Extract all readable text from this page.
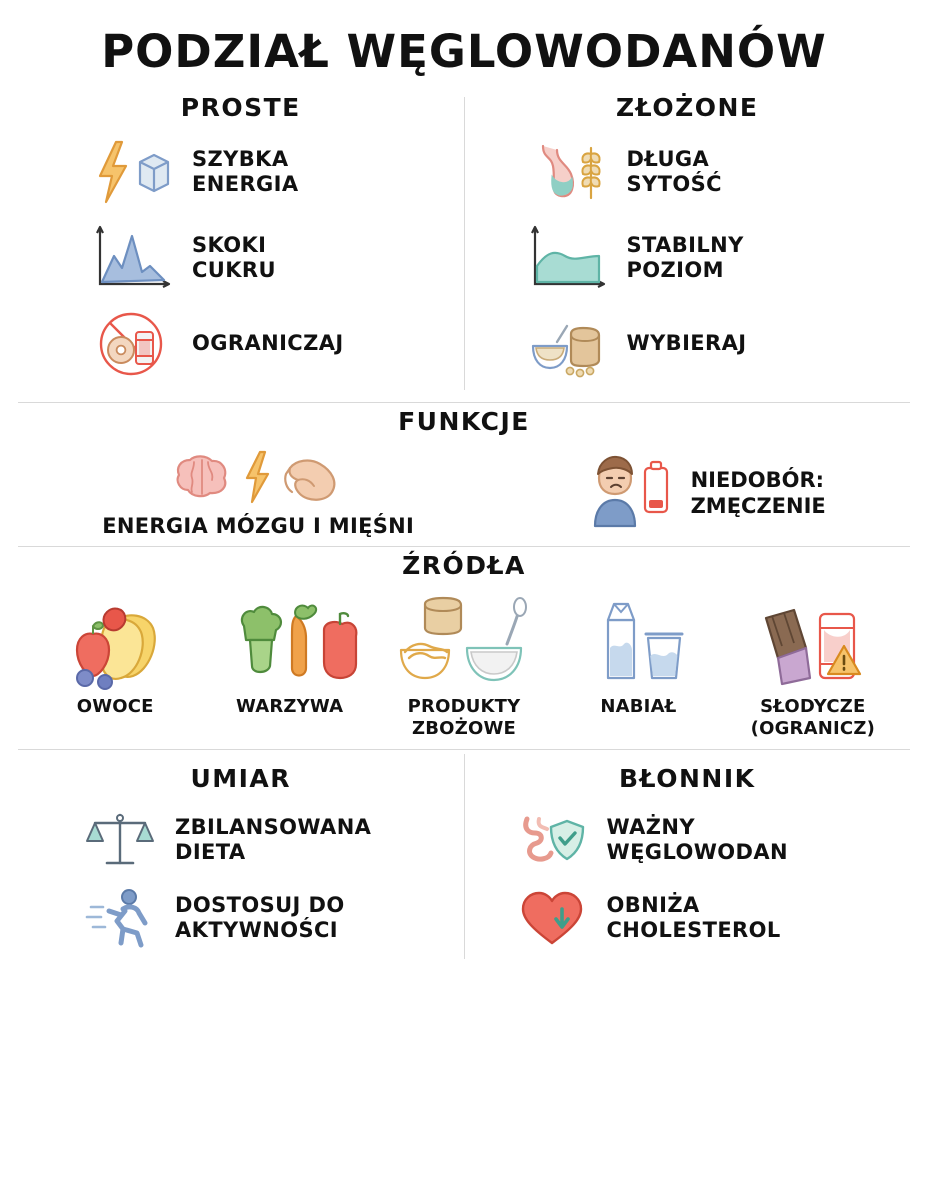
PODZIAŁ WĘGLOWODANÓW
PROSTE
SZYBKA
ENERGIA
SKOKI
CUKRU
OGRANICZAJ
ZŁOŻONE
DŁUGA
SYTOŚĆ
STABILNY
POZIOM
WYBIERAJ
FUNKCJE
ENERGIA MÓZGU I MIĘŚNI
NIEDOBÓR:
ZMĘCZENIE
ŹRÓDŁA
OWOCE	WARZYWA	PRODUKTY
ZBOŻOWE
NABIAŁ	SŁODYCZE
(OGRANICZ)
UMIAR
ZBILANSOWANA
DIETA
DOSTOSUJ DO
AKTYWNOŚCI
BŁONNIK
WAŻNY
WĘGLOWODAN
OBNIŻA
CHOLESTEROL
